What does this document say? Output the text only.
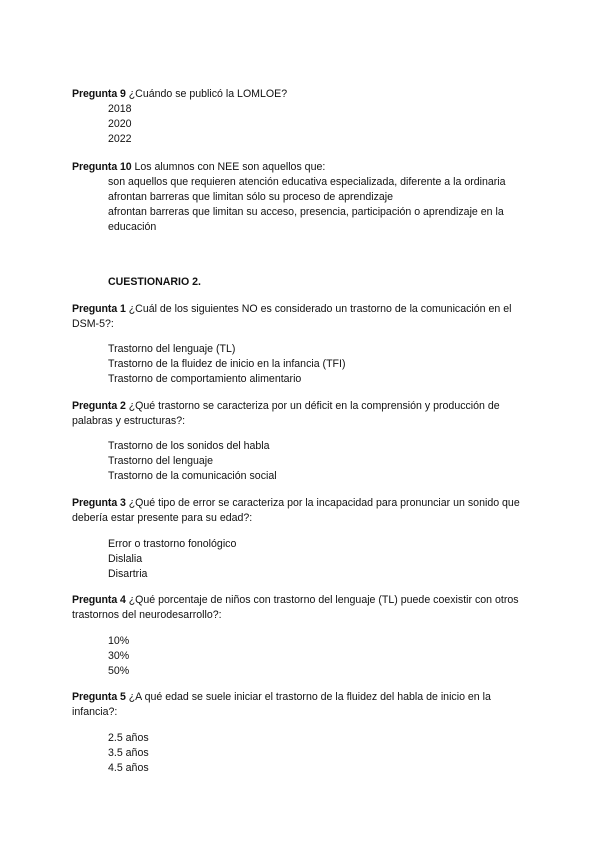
Pregunta 9 ¿Cuándo se publicó la LOMLOE?
2018
2020
2022
Pregunta 10 Los alumnos con NEE son aquellos que:
son aquellos que requieren atención educativa especializada, diferente a la ordinaria
afrontan barreras que limitan sólo su proceso de aprendizaje
afrontan barreras que limitan su acceso, presencia, participación o aprendizaje en la educación
CUESTIONARIO 2.
Pregunta 1 ¿Cuál de los siguientes NO es considerado un trastorno de la comunicación en el DSM-5?:
Trastorno del lenguaje (TL)
Trastorno de la fluidez de inicio en la infancia (TFI)
Trastorno de comportamiento alimentario
Pregunta 2 ¿Qué trastorno se caracteriza por un déficit en la comprensión y producción de palabras y estructuras?:
Trastorno de los sonidos del habla
Trastorno del lenguaje
Trastorno de la comunicación social
Pregunta 3 ¿Qué tipo de error se caracteriza por la incapacidad para pronunciar un sonido que debería estar presente para su edad?:
Error o trastorno fonológico
Dislalia
Disartria
Pregunta 4 ¿Qué porcentaje de niños con trastorno del lenguaje (TL) puede coexistir con otros trastornos del neurodesarrollo?:
10%
30%
50%
Pregunta 5 ¿A qué edad se suele iniciar el trastorno de la fluidez del habla de inicio en la infancia?:
2.5 años
3.5 años
4.5 años
